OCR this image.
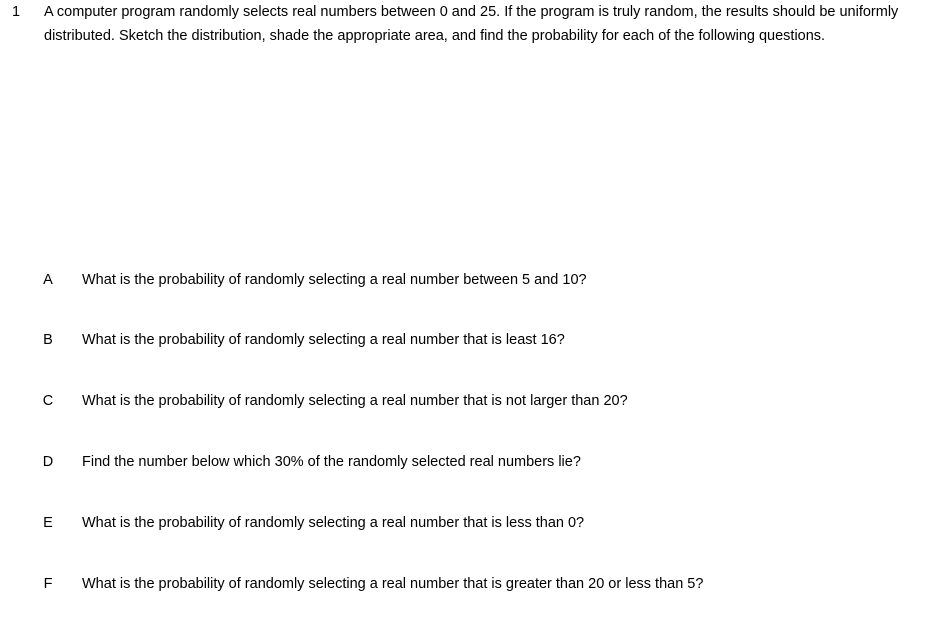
1 A computer program randomly selects real numbers between 0 and 25. If the program is truly random, the results should be uniformly distributed. Sketch the distribution, shade the appropriate area, and find the probability for each of the following questions.
A What is the probability of randomly selecting a real number between 5 and 10?
B What is the probability of randomly selecting a real number that is least 16?
C What is the probability of randomly selecting a real number that is not larger than 20?
D Find the number below which 30% of the randomly selected real numbers lie?
E What is the probability of randomly selecting a real number that is less than 0?
F What is the probability of randomly selecting a real number that is greater than 20 or less than 5?
